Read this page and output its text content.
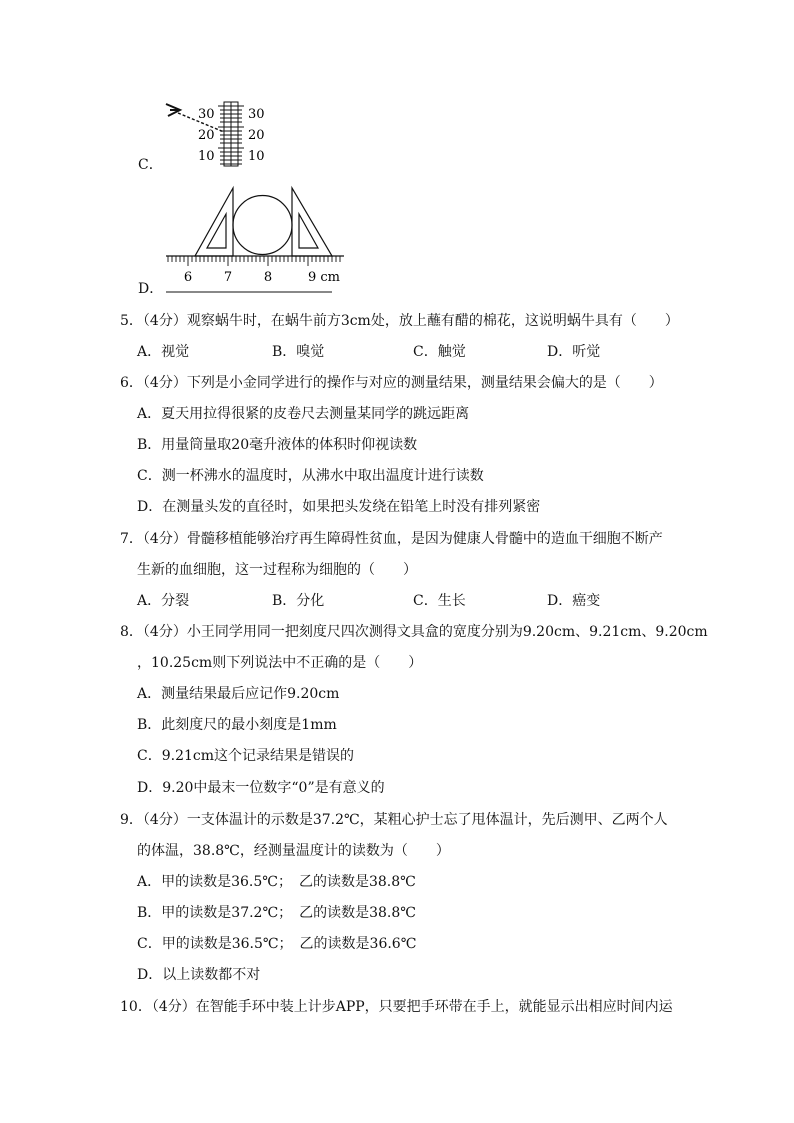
C．
30
20
10
30
20
10
D．
6 7 8	9 cm
5．（4分）观察蜗牛时，在蜗牛前方3cm处，放上蘸有醋的棉花，这说明蜗牛具有（　　）
A．视觉	B．嗅觉	C．触觉	D．听觉
6．（4分）下列是小金同学进行的操作与对应的测量结果，测量结果会偏大的是（　　）
A．夏天用拉得很紧的皮卷尺去测量某同学的跳远距离
B．用量筒量取20毫升液体的体积时仰视读数
C．测一杯沸水的温度时，从沸水中取出温度计进行读数
D．在测量头发的直径时，如果把头发绕在铅笔上时没有排列紧密
7．（4分）骨髓移植能够治疗再生障碍性贫血，是因为健康人骨髓中的造血干细胞不断产
生新的血细胞，这一过程称为细胞的（　　）
A．分裂	B．分化	C．生长	D．癌变
8．（4分）小王同学用同一把刻度尺四次测得文具盒的宽度分别为9.20cm、9.21cm、9.20cm
，10.25cm则下列说法中不正确的是（　　）
A．测量结果最后应记作9.20cm
B．此刻度尺的最小刻度是1mm
C．9.21cm这个记录结果是错误的
D．9.20中最末一位数字“0”是有意义的
9．（4分）一支体温计的示数是37.2℃，某粗心护士忘了甩体温计，先后测甲、乙两个人
的体温，38.8℃，经测量温度计的读数为（　　）
A．甲的读数是36.5℃；　乙的读数是38.8℃
B．甲的读数是37.2℃；　乙的读数是38.8℃
C．甲的读数是36.5℃；　乙的读数是36.6℃
D．以上读数都不对
10．（4分）在智能手环中装上计步APP，只要把手环带在手上，就能显示出相应时间内运
